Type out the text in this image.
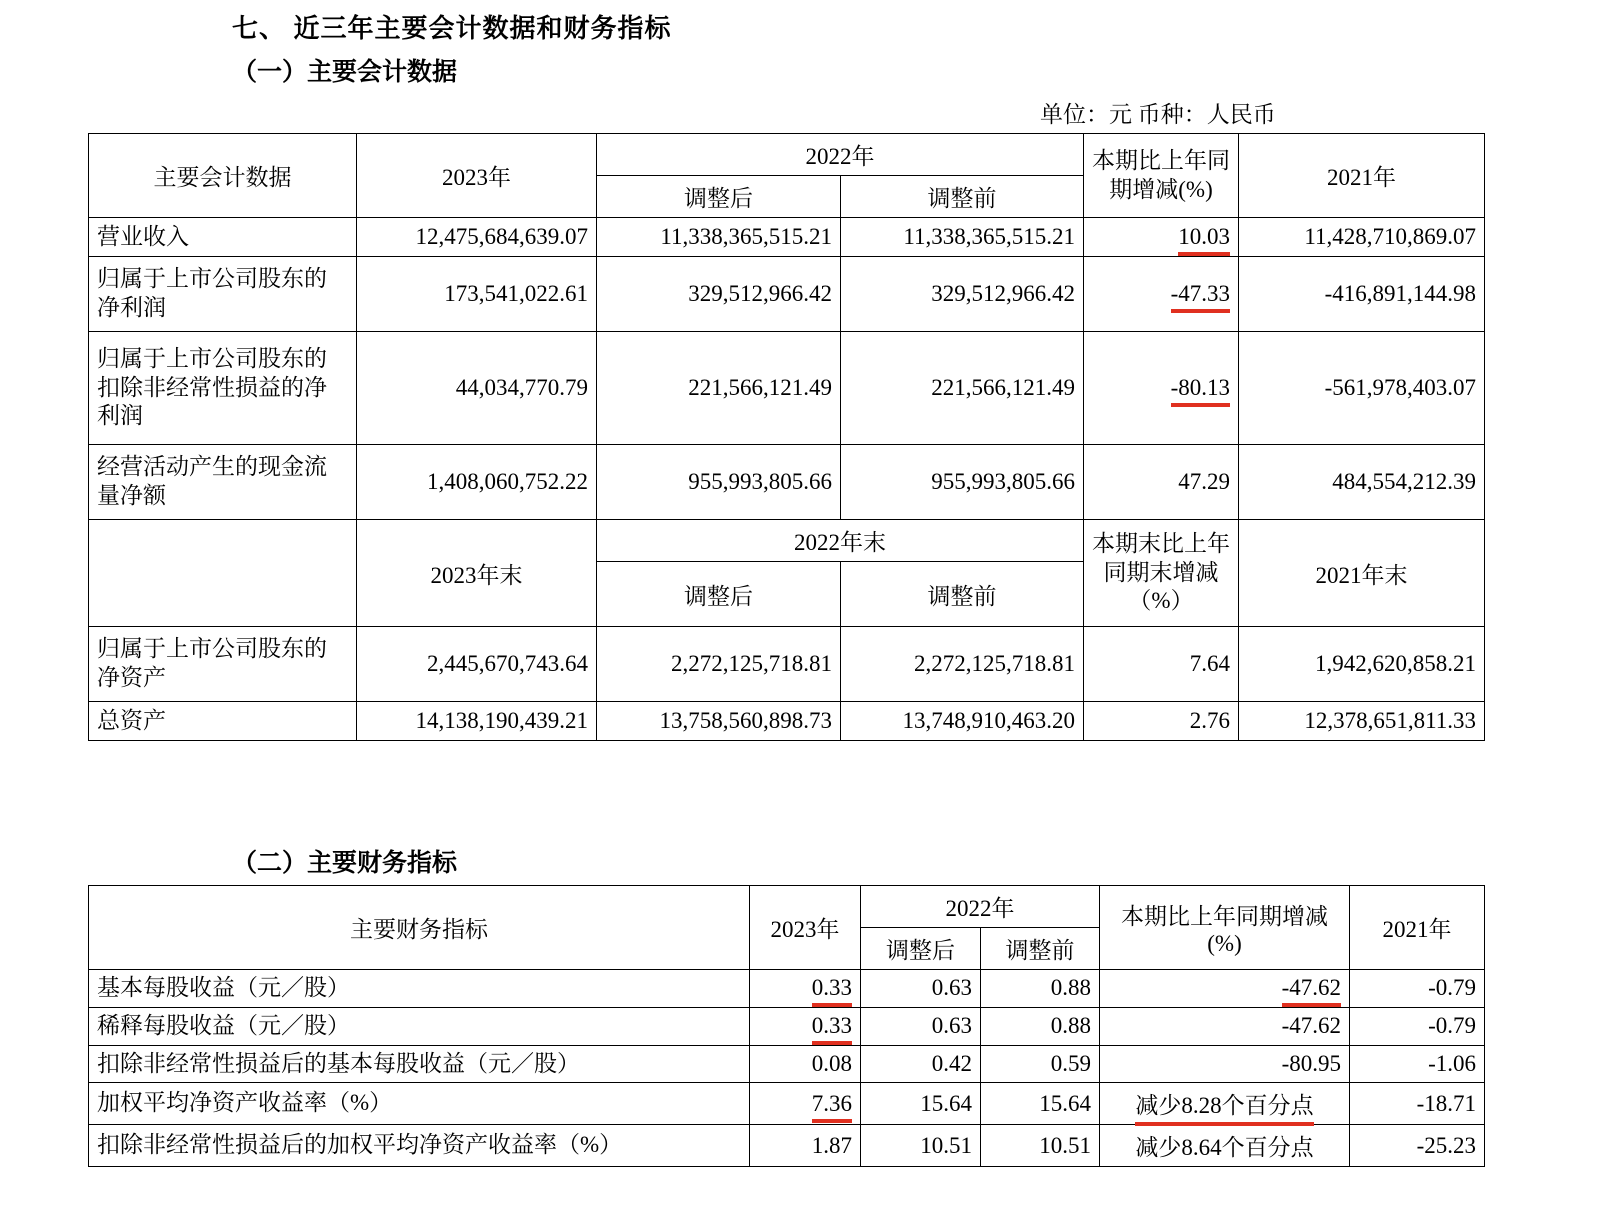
七、 近三年主要会计数据和财务指标
（一）主要会计数据
单位：元 币种：人民币
主要会计数据	2023年	2022年		本期比上年同期增减(%)	2021年
		调整后	调整前		
营业收入	12,475,684,639.07	11,338,365,515.21	11,338,365,515.21	10.03	11,428,710,869.07
归属于上市公司股东的净利润	173,541,022.61	329,512,966.42	329,512,966.42	-47.33	-416,891,144.98
归属于上市公司股东的扣除非经常性损益的净利润	44,034,770.79	221,566,121.49	221,566,121.49	-80.13	-561,978,403.07
经营活动产生的现金流量净额	1,408,060,752.22	955,993,805.66	955,993,805.66	47.29	484,554,212.39
	2023年末	2022年末		本期末比上年同期末增减（%）	2021年末
		调整后	调整前		
归属于上市公司股东的净资产	2,445,670,743.64	2,272,125,718.81	2,272,125,718.81	7.64	1,942,620,858.21
总资产	14,138,190,439.21	13,758,560,898.73	13,748,910,463.20	2.76	12,378,651,811.33
（二）主要财务指标
主要财务指标	2023年	2022年		本期比上年同期增减(%)	2021年
		调整后	调整前		
基本每股收益（元／股）	0.33	0.63	0.88	-47.62	-0.79
稀释每股收益（元／股）	0.33	0.63	0.88	-47.62	-0.79
扣除非经常性损益后的基本每股收益（元／股）	0.08	0.42	0.59	-80.95	-1.06
加权平均净资产收益率（%）	7.36	15.64	15.64	减少8.28个百分点	-18.71
扣除非经常性损益后的加权平均净资产收益率（%）	1.87	10.51	10.51	减少8.64个百分点	-25.23
